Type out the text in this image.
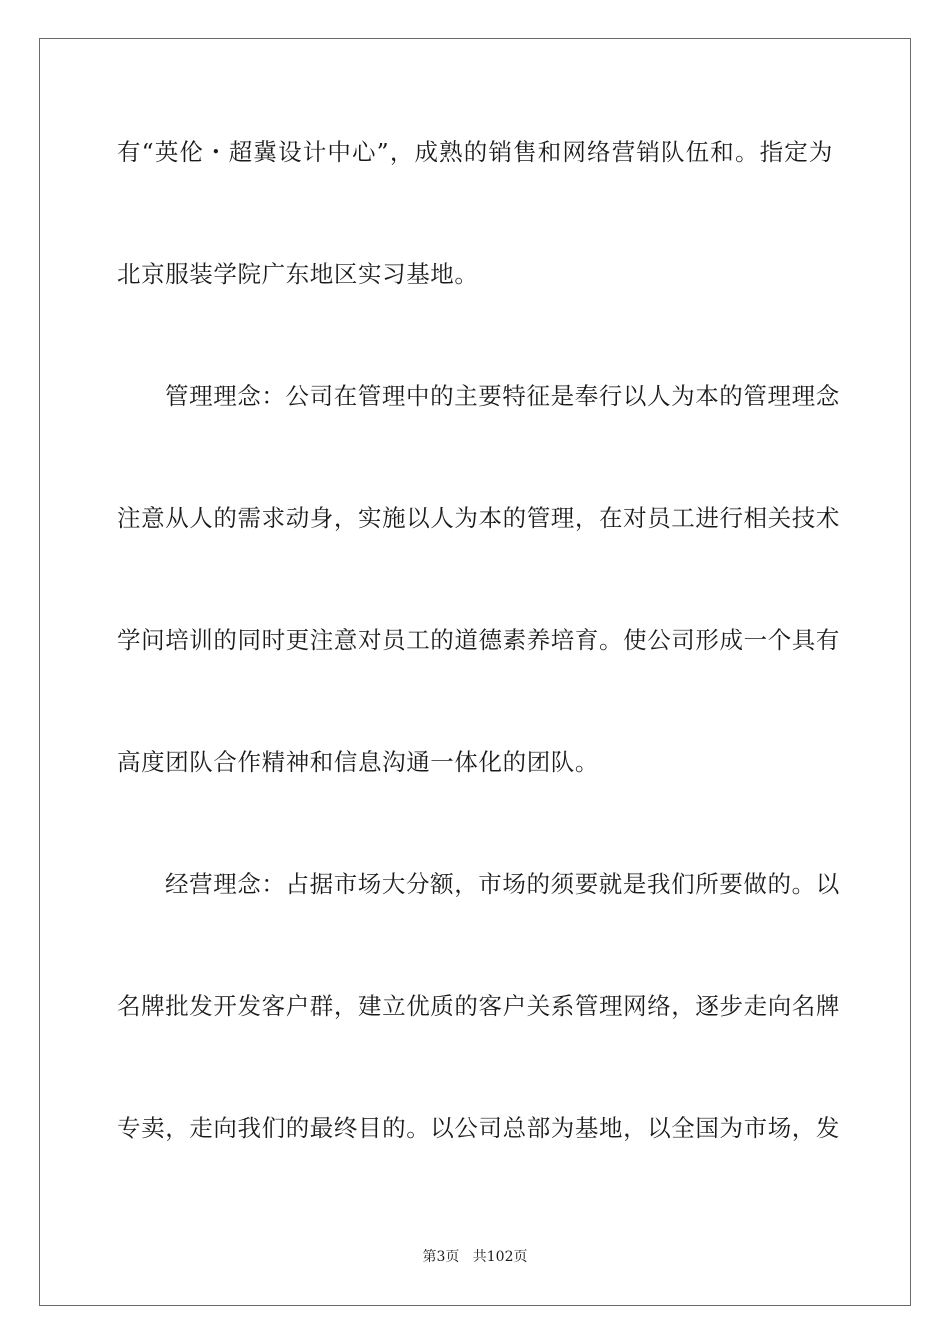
有“英伦・超冀设计中心”，成熟的销售和网络营销队伍和。指定为
北京服装学院广东地区实习基地。
管理理念：公司在管理中的主要特征是奉行以人为本的管理理念
注意从人的需求动身，实施以人为本的管理，在对员工进行相关技术
学问培训的同时更注意对员工的道德素养培育。使公司形成一个具有
高度团队合作精神和信息沟通一体化的团队。
经营理念：占据市场大分额，市场的须要就是我们所要做的。以
名牌批发开发客户群，建立优质的客户关系管理网络，逐步走向名牌
专卖，走向我们的最终目的。以公司总部为基地，以全国为市场，发
第3页   共102页
